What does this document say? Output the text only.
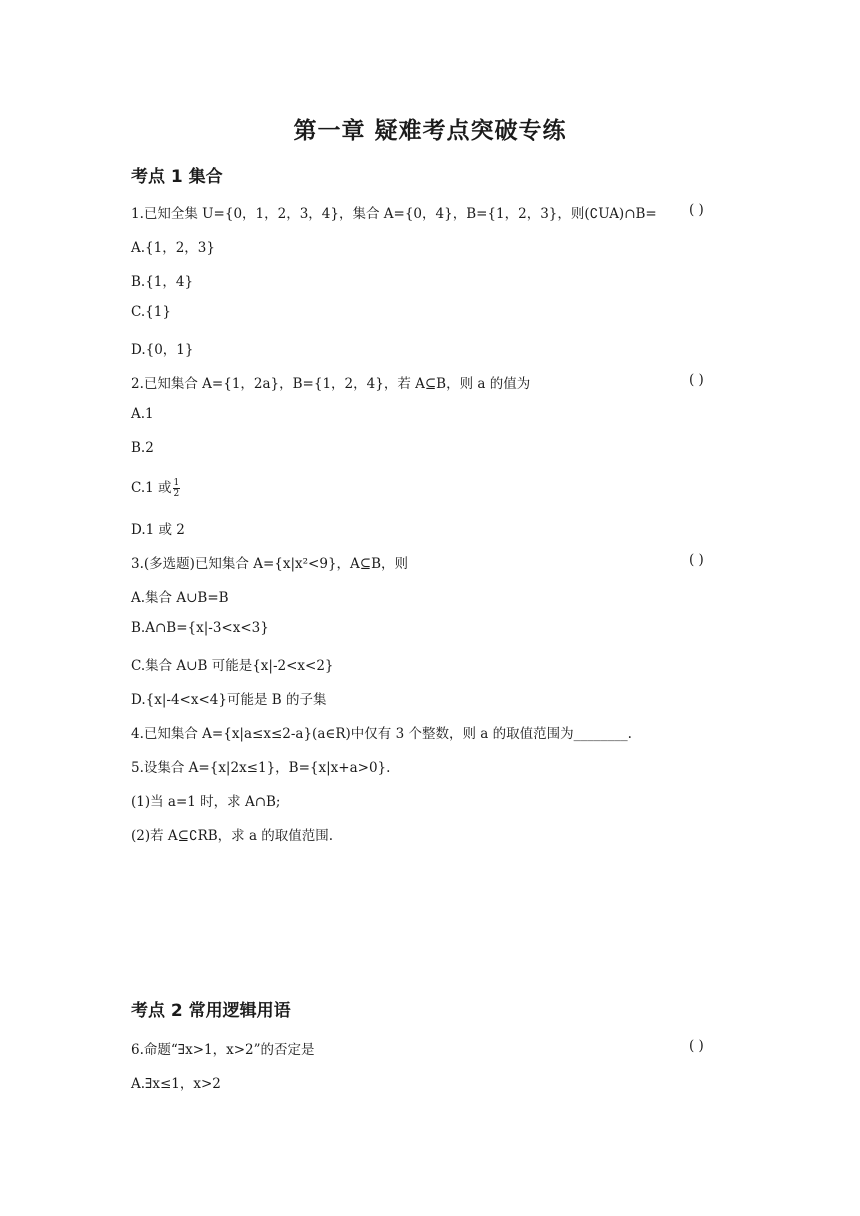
第一章 疑难考点突破专练
考点 1 集合
1.已知全集 U={0，1，2，3，4}，集合 A={0，4}，B={1，2，3}，则(∁UA)∩B= ( )
A.{1，2，3}
B.{1，4}
C.{1}
D.{0，1}
2.已知集合 A={1，2a}，B={1，2，4}，若 A⊆B，则 a 的值为	( )
A.1
B.2
C.1 或 $\frac{1}{2}$
D.1 或 2
3.(多选题)已知集合 A={x|x²<9}，A⊆B，则	( )
A.集合 A∪B=B
B.A∩B={x|-3<x<3}
C.集合 A∪B 可能是{x|-2<x<2}
D.{x|-4<x<4}可能是 B 的子集
4.已知集合 A={x|a≤x≤2-a}(a∈R)中仅有 3 个整数，则 a 的取值范围为________.
5.设集合 A={x|2x≤1}，B={x|x+a>0}.
(1)当 a=1 时，求 A∩B;
(2)若 A⊆∁RB，求 a 的取值范围.
考点 2 常用逻辑用语
6.命题“∃x>1，x>2”的否定是	( )
A.∃x≤1，x>2
